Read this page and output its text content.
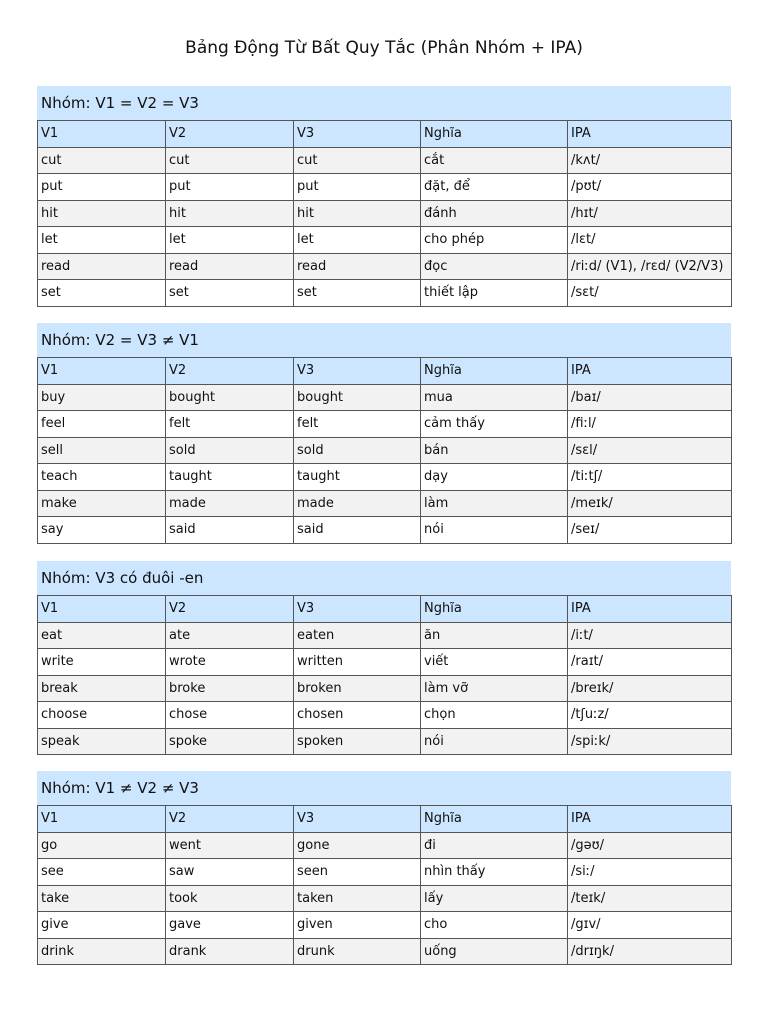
Bảng Động Từ Bất Quy Tắc (Phân Nhóm + IPA)
Nhóm: V1 = V2 = V3
V1	V2	V3	Nghĩa	IPA
cut	cut	cut	cắt	/kʌt/
put	put	put	đặt, để	/pʊt/
hit	hit	hit	đánh	/hɪt/
let	let	let	cho phép	/lɛt/
read	read	read	đọc	/riːd/ (V1), /rɛd/ (V2/V3)
set	set	set	thiết lập	/sɛt/
Nhóm: V2 = V3 ≠ V1
V1	V2	V3	Nghĩa	IPA
buy	bought	bought	mua	/baɪ/
feel	felt	felt	cảm thấy	/fiːl/
sell	sold	sold	bán	/sɛl/
teach	taught	taught	dạy	/tiːtʃ/
make	made	made	làm	/meɪk/
say	said	said	nói	/seɪ/
Nhóm: V3 có đuôi -en
V1	V2	V3	Nghĩa	IPA
eat	ate	eaten	ăn	/iːt/
write	wrote	written	viết	/raɪt/
break	broke	broken	làm vỡ	/breɪk/
choose	chose	chosen	chọn	/tʃuːz/
speak	spoke	spoken	nói	/spiːk/
Nhóm: V1 ≠ V2 ≠ V3
V1	V2	V3	Nghĩa	IPA
go	went	gone	đi	/gəʊ/
see	saw	seen	nhìn thấy	/siː/
take	took	taken	lấy	/teɪk/
give	gave	given	cho	/gɪv/
drink	drank	drunk	uống	/drɪŋk/
